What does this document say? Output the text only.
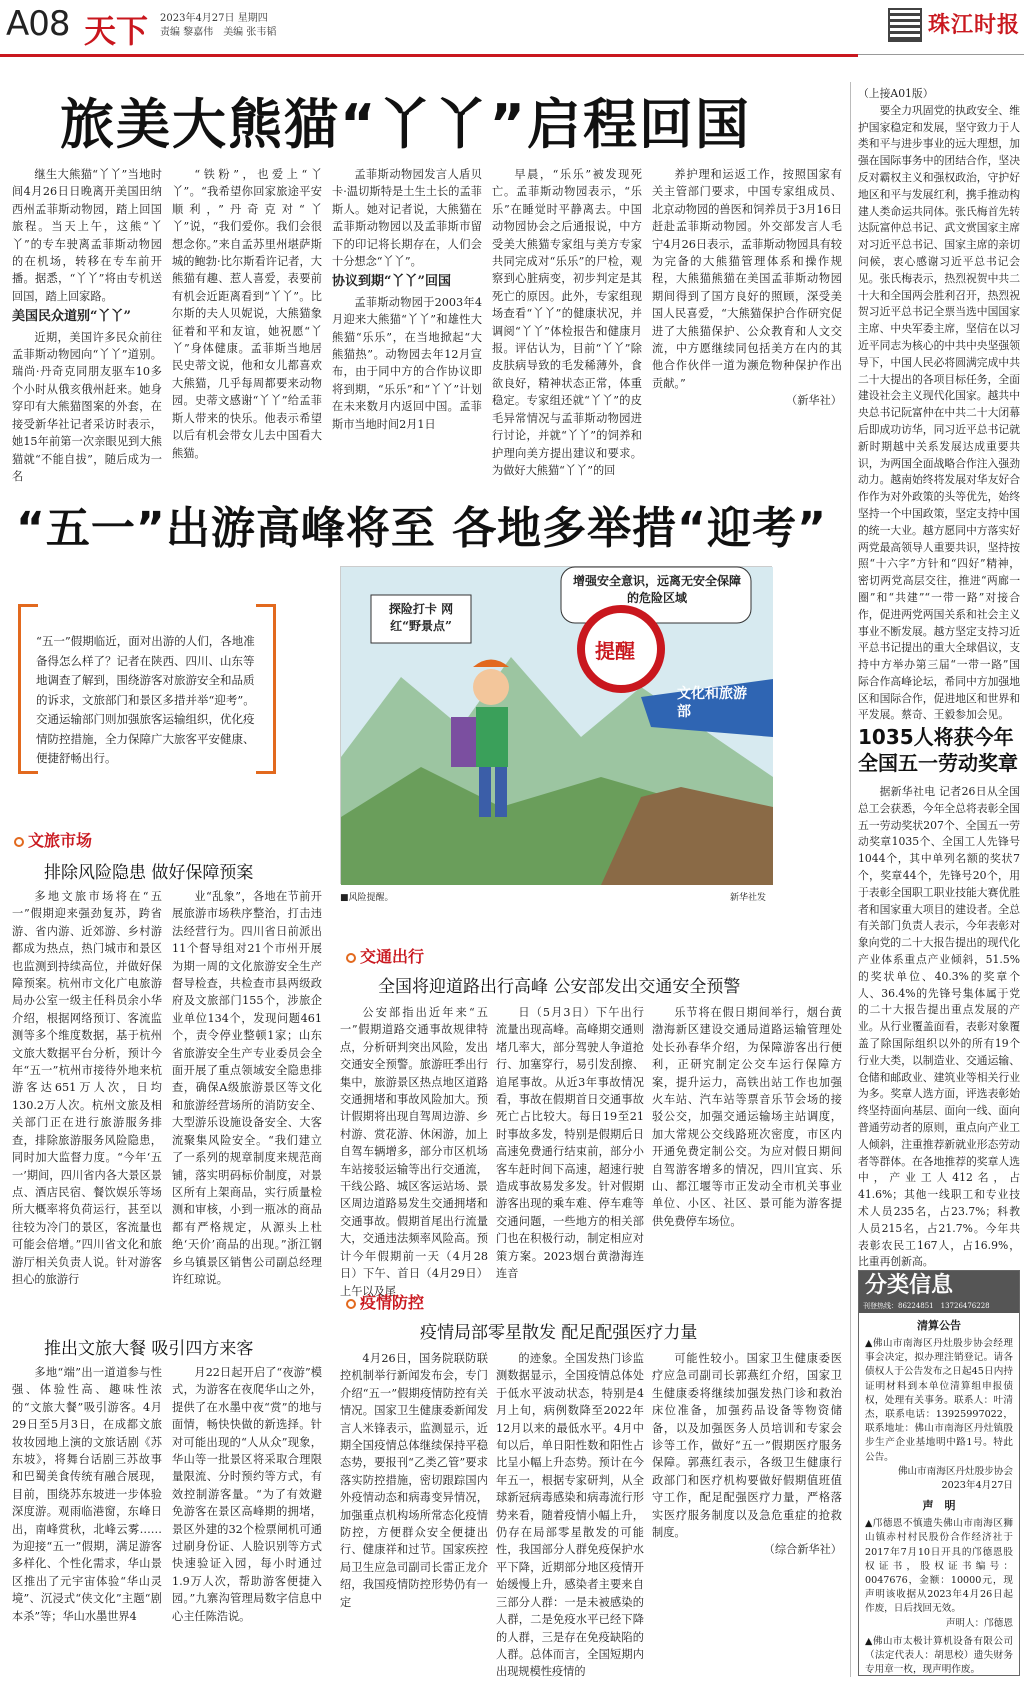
A08 天下 2023年4月27日 星期四
责编 黎嘉伟　 美编 张韦韬	珠江时报
旅美大熊猫“丫丫”启程回国

继生大熊猫“丫丫”当地时间4月26日日晚离开美国田纳西州孟菲斯动物园，踏上回国旅程。当天上午，这熊“丫丫”的专车驶离孟菲斯动物园的在机场，转移在专车前开播。据悉，“丫丫”将由专机送回国，踏上回家路。

美国民众道别“丫丫”

近期，美国许多民众前往孟菲斯动物园向“丫丫”道别。瑞尚·丹奇克同朋友驱车10多个小时从俄亥俄州赶来。她身穿印有大熊猫图案的外套，在接受新华社记者采访时表示，她15年前第一次亲眼见到大熊猫就“不能自拔”，随后成为一名

“铁粉”，也爱上“丫丫”。“我希望你回家旅途平安顺利，”丹奇克对“丫丫”说，“我们爱你。我们会很想念你。”来自孟苏里州堪萨斯城的鲍勃·比尔斯看许记者，大熊猫有趣、惹人喜爱，表要前有机会近距离看到“丫丫”。比尔斯的夫人贝妮说，大熊猫象征着和平和友谊，她祝愿“丫丫”身体健康。孟菲斯当地居民史蒂文说，他和女儿都喜欢大熊猫，几乎每周都要来动物园。史蒂文感谢“丫丫”给孟菲斯人带来的快乐。他表示希望以后有机会带女儿去中国看大熊猫。

孟菲斯动物园发言人盾贝卡·温切斯特是土生土长的孟菲斯人。她对记者说，大熊猫在孟菲斯动物园以及孟菲斯市留下的印记将长期存在，人们会十分想念“丫丫”。

协议到期“丫丫”回国

孟菲斯动物园于2003年4月迎来大熊猫“丫丫”和雄性大熊猫“乐乐”，在当地掀起“大熊猫热”。动物园去年12月宣布，由于同中方的合作协议即将到期，“乐乐”和“丫丫”计划在未来数月内返回中国。孟菲斯市当地时间2月1日

早晨，“乐乐”被发现死亡。孟菲斯动物园表示，“乐乐”在睡觉时平静离去。中国动物园协会之后通报说，中方受美大熊猫专家组与美方专家共同完成对“乐乐”的尸检，观察到心脏病变，初步判定是其死亡的原因。此外，专家组现场查看“丫丫”的健康状况，并调阅“丫丫”体检报告和健康月报。评估认为，目前“丫丫”除皮肤病导致的毛发稀薄外，食欲良好，精神状态正常，体重稳定。专家组还就“丫丫”的皮毛异常情况与孟菲斯动物园进行讨论，并就“丫丫”的饲养和护理向美方提出建议和要求。为做好大熊猫“丫丫”的回

养护理和运返工作，按照国家有关主管部门要求，中国专家组成员、北京动物园的兽医和饲养员于3月16日赶赴孟菲斯动物园。外交部发言人毛宁4月26日表示，孟菲斯动物园具有较为完备的大熊猫管理体系和操作规程，大熊猫熊猫在美国孟菲斯动物园期间得到了国方良好的照顾，深受美国人民喜爱，“大熊猫保护合作研究促进了大熊猫保护、公众教育和人文交流，中方愿继续同包括美方在内的其他合作伙伴一道为濒危物种保护作出贡献。”

（新华社）
“五一”出游高峰将至 各地多举措“迎考”
“五一”假期临近，面对出游的人们，各地准备得怎么样了？记者在陕西、四川、山东等地调查了解到，围绕游客对旅游安全和品质的诉求，文旅部门和景区多措并举“迎考”。交通运输部门则加强旅客运输组织，优化疫情防控措施，全力保障广大旅客平安健康、便捷舒畅出行。
增强安全意识，远离无安全保障的危险区域
探险打卡 网红“野景点”
提醒
文化和旅游部
■风险提醒。	新华社发
文旅市场
排除风险隐患 做好保障预案

多地文旅市场将在“五一”假期迎来强劲复苏，跨省游、省内游、近郊游、乡村游都成为热点，热门城市和景区也监测到持续高位，并做好保障预案。杭州市文化广电旅游局办公室一级主任科员余小华介绍，根据网络预订、客流监测等多个维度数据，基于杭州文旅大数据平台分析，预计今年“五一”杭州市接待外地来杭游客达651万人次，日均130.2万人次。杭州文旅及相关部门正在进行旅游服务排查，排除旅游服务风险隐患，同时加大监督力度。“今年‘五一’期间，四川省内各大景区景点、酒店民宿、餐饮娱乐等场所大概率将负荷运行，甚至以往较为冷门的景区，客流量也可能会倍增。”四川省文化和旅游厅相关负责人说。针对游客担心的旅游行

业“乱象”，各地在节前开展旅游市场秩序整治，打击违法经营行为。四川省日前派出11个督导组对21个市州开展为期一周的文化旅游安全生产督导检查，共检查市县两级政府及文旅部门155个，涉旅企业单位134个，发现问题461个，责令停业整顿1家；山东省旅游安全生产专业委员会全面开展了重点领域安全隐患排查，确保A级旅游景区等文化和旅游经营场所的消防安全、大型游乐设施设备安全、大客流聚集风险安全。“我们建立了一系列的规章制度来规范商铺，落实明码标价制度，对景区所有上架商品，实行质量检测和审核，小到一瓶冰的商品都有严格规定，从源头上杜绝‘天价’商品的出现。”浙江钢乡乌镇景区销售公司副总经理许红琼说。

推出文旅大餐 吸引四方来客

多地“端”出一道道参与性强、体验性高、趣味性浓的“文旅大餐”吸引游客。4月29日至5月3日，在成都文旅妆妆园地上演的文旅话剧《苏东坡》，将舞台话剧三苏故事和巴蜀美食传统有融合展现，目前，围绕苏东坡进一步体验深度游。观雨临港窗，东峰日出，南峰赏秋，北峰云雾……为迎接“五一”假期，满足游客多样化、个性化需求，华山景区推出了元宇宙体验“华山灵境”、沉浸式“侠文化”主题“剧本杀”等；华山水墨世界4

月22日起开启了“夜游”模式，为游客在夜爬华山之外，提供了在水墨中夜“赏”的地与面情，畅快快做的新选择。针对可能出现的“人从众”现象，华山等一批景区将采取合理限量限流、分时预约等方式，有效控制游客量。“为了有效避免游客在景区高峰期的拥堵，景区外建的32个检票闸机可通过刷身份证、人脸识别等方式快速验证入园，每小时通过1.9万人次，帮助游客便捷入园。”九寨沟管理局数字信息中心主任陈浩说。

交通出行
全国将迎道路出行高峰 公安部发出交通安全预警

公安部指出近年来“五一”假期道路交通事故规律特点，分析研判突出风险，发出交通安全预警。旅游旺季出行集中，旅游景区热点地区道路交通拥堵和事故风险加大。预计假期将出现自驾周边游、乡村游、赏花游、休闲游，加上自驾车辆增多，部分市区机场车站接驳运输等出行交通流，干线公路、城区客运站场、景区周边道路易发生交通拥堵和交通事故。假期首尾出行流量大，交通违法频率风险高。预计今年假期前一天（4月28日）下午、首日（4月29日）上午以及尾

日（5月3日）下午出行流量出现高峰。高峰期交通则堵几率大，部分驾驶人争道抢行、加塞穿行，易引发刮擦、追尾事故。从近3年事故情况看，事故在假期首日交通事故死亡占比较大。每日19至21时事故多发，特别是假期后日高速免费通行结束前，部分小客车赶时间下高速，超速行驶造成事故易发多发。针对假期游客出现的乘车难、停车难等交通问题，一些地方的相关部门也在积极行动，制定相应对策方案。2023烟台黄渤海连连音

乐节将在假日期间举行，烟台黄渤海新区建设交通局道路运输管理处处长孙春华介绍，为保障游客出行便利，正研究制定公交车运行保障方案，提升运力，高铁出站工作也加强火车站、汽车站等票音乐节会场的接驳公交，加强交通运输场主站调度，加大常规公交线路班次密度，市区内开通免费定制公交。为应对假日期间自驾游客增多的情况，四川宜宾、乐山、都江堰等市正发动全市机关事业单位、小区、社区、景可能为游客提供免费停车场位。

疫情防控
疫情局部零星散发 配足配强医疗力量

4月26日，国务院联防联控机制举行新闻发布会，专门介绍“五一”假期疫情防控有关情况。国家卫生健康委新闻发言人米锋表示，监测显示，近期全国疫情总体继续保持平稳态势，要报刊“乙类乙管”要求落实防控措施，密切跟踪国内外疫情动态和病毒变异情况，加强重点机构场所常态化疫情防控，方便群众安全便捷出行、健康祥和过节。国家疾控局卫生应急司副司长雷正龙介绍，我国疫情防控形势仍有一定

的迹象。全国发热门诊监测数据显示，全国疫情总体处于低水平波动状态，特别是4月上旬，病例数降至2022年12月以来的最低水平。4月中旬以后，单日阳性数和阳性占比呈小幅上升态势。预计在今年五一，根据专家研判，从全球新冠病毒感染和病毒流行形势来看，随着疫情小幅上升，仍存在局部零星散发的可能性，我国部分人群免疫保护水平下降，近期部分地区疫情开始缓慢上升，感染者主要来自三部分人群：一是未被感染的人群，二是免疫水平已经下降的人群，三是存在免疫缺陷的人群。总体而言，全国短期内出现规模性疫情的

可能性较小。国家卫生健康委医疗应急司副司长郭燕红介绍，国家卫生健康委将继续加强发热门诊和救治床位准备，加强药品设备等物资储备，以及加强医务人员培训和专家会诊等工作，做好“五一”假期医疗服务保障。郭燕红表示，各级卫生健康行政部门和医疗机构要做好假期值班值守工作，配足配强医疗力量，严格落实医疗服务制度以及急危重症的抢救制度。

（综合新华社）
（上接A01版）

要全力巩固党的执政安全、维护国家稳定和发展，坚守致力于人类和平与进步事业的远大理想，加强在国际事务中的团结合作，坚决反对霸权主义和强权政治，守护好地区和平与发展红利，携手推动构建人类命运共同体。张氏梅首先转达阮富仲总书记、武文赏国家主席对习近平总书记、国家主席的亲切问候，衷心感谢习近平总书记会见。张氏梅表示，热烈祝贺中共二十大和全国两会胜利召开，热烈祝贺习近平总书记全票当选中国国家主席、中央军委主席，坚信在以习近平同志为核心的中共中央坚强领导下，中国人民必将圆满完成中共二十大提出的各项目标任务，全面建设社会主义现代化国家。越共中央总书记阮富仲在中共二十大闭幕后即成功访华，同习近平总书记就新时期越中关系发展达成重要共识，为两国全面战略合作注入强劲动力。越南始终将发展对华友好合作作为对外政策的头等优先，始终坚持一个中国政策，坚定支持中国的统一大业。越方愿同中方落实好两党最高领导人重要共识，坚持按照“十六字”方针和“四好”精神，密切两党高层交往，推进“两廊一圈”和“共建”“一带一路”对接合作，促进两党两国关系和社会主义事业不断发展。越方坚定支持习近平总书记提出的重大全球倡议，支持中方举办第三届“一带一路”国际合作高峰论坛，希同中方加强地区和国际合作，促进地区和世界和平发展。蔡奇、王毅参加会见。

1035人将获今年全国五一劳动奖章

据新华社电 记者26日从全国总工会获悉，今年全总将表彰全国五一劳动奖状207个、全国五一劳动奖章1035个、全国工人先锋号1044个，其中单列名额的奖状7个，奖章44个，先锋号20个，用于表彰全国职工职业技能大赛优胜者和国家重大项目的建设者。全总有关部门负责人表示，今年表彰对象向党的二十大报告提出的现代化产业体系重点产业倾斜，51.5%的奖状单位、40.3%的奖章个人、36.4%的先锋号集体属于党的二十大报告提出重点发展的产业。从行业覆盖面看，表彰对象覆盖了除国际组织以外的所有19个行业大类，以制造业、交通运输、仓储和邮政业、建筑业等相关行业为多。奖章人选方面，评选表彰始终坚持面向基层、面向一线、面向普通劳动者的原则，重点向产业工人倾斜，注重推荐新就业形态劳动者等群体。在各地推荐的奖章人选中，产业工人412名，占41.6%；其他一线职工和专业技术人员235名，占23.7%；科教人员215名，占21.7%。今年共表彰农民工167人，占16.9%，比重再创新高。

分类信息
刊登热线：86224851　13726476228
清算公告
▲佛山市南海区丹灶殷步协会经理事会决定，拟办理注销登记。请各债权人于公告发布之日起45日内持证明材料到本单位清算组申报债权，处理有关事务。联系人：叶清杰，联系电话：13925997022，联系地址：佛山市南海区丹灶镇殷步生产企业基地明中路1号。特此公告。
佛山市南海区丹灶殷步协会
2023年4月27日
声　明
▲邝德恩不慎遗失佛山市南海区狮山镇赤村村民股份合作经济社于2017年7月10日开具的邝德恩股权证书，股权证书编号：0047676，金额：10000元，现声明该收据从2023年4月26日起作废，日后找回无效。
声明人：邝德恩
▲佛山市太极计算机设备有限公司（法定代表人：胡思校）遗失财务专用章一枚，现声明作废。
